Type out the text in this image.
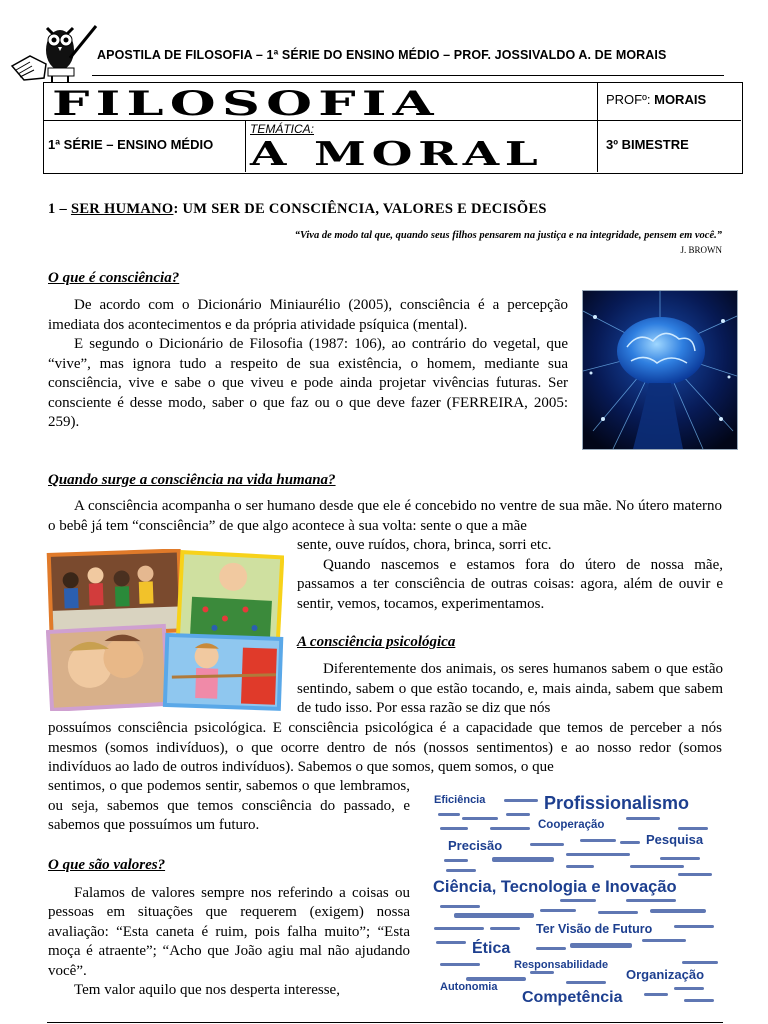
APOSTILA DE FILOSOFIA – 1ª SÉRIE DO ENSINO MÉDIO – PROF. JOSSIVALDO A. DE MORAIS
FILOSOFIA	PROFº: MORAIS
1ª SÉRIE – ENSINO MÉDIO
TEMÁTICA:
A MORAL	3º BIMESTRE
1 – SER HUMANO: UM SER DE CONSCIÊNCIA, VALORES E DECISÕES
“Viva de modo tal que, quando seus filhos pensarem na justiça e na integridade, pensem em você.”
J. BROWN
O que é consciência?

De acordo com o Dicionário Miniaurélio (2005), consciência é a percepção imediata dos acontecimentos e da própria atividade psíquica (mental).

E segundo o Dicionário de Filosofia (1987: 106), ao contrário do vegetal, que “vive”, mas ignora tudo a respeito de sua existência, o homem, mediante sua consciência, vive e sabe o que viveu e pode ainda projetar vivências futuras. Ser consciente é desse modo, saber o que faz ou o que deve fazer (FERREIRA, 2005: 259).

Quando surge a consciência na vida humana?

A consciência acompanha o ser humano desde que ele é concebido no ventre de sua mãe. No útero materno o bebê já tem “consciência” de que algo acontece à sua volta: sente o que a mãe

sente, ouve ruídos, chora, brinca, sorri etc.

Quando nascemos e estamos fora do útero de nossa mãe, passamos a ter consciência de outras coisas: agora, além de ouvir e sentir, vemos, tocamos, experimentamos.

A consciência psicológica

Diferentemente dos animais, os seres humanos sabem o que estão sentindo, sabem o que estão tocando, e, mais ainda, sabem que sabem de tudo isso. Por essa razão se diz que nós

possuímos consciência psicológica. E consciência psicológica é a capacidade que temos de perceber a nós mesmos (somos indivíduos), o que ocorre dentro de nós (nossos sentimentos) e ao nosso redor (somos indivíduos ao lado de outros indivíduos). Sabemos o que somos, quem somos, o que

sentimos, o que podemos sentir, sabemos o que lembramos, ou seja, sabemos que temos consciência do passado, e sabemos que possuímos um futuro.

O que são valores?

Falamos de valores sempre nos referindo a coisas ou pessoas em situações que requerem (exigem) nossa avaliação: “Esta caneta é ruim, pois falha muito”; “Esta moça é atraente”; “Acho que João agiu mal não ajudando você”.

Tem valor aquilo que nos desperta interesse,

Profissionalismo
Ciência, Tecnologia e Inovação
Competência
Eficiência
Cooperação
Pesquisa
Precisão
Ter Visão de Futuro
Ética
Responsabilidade
Organização
Autonomia
